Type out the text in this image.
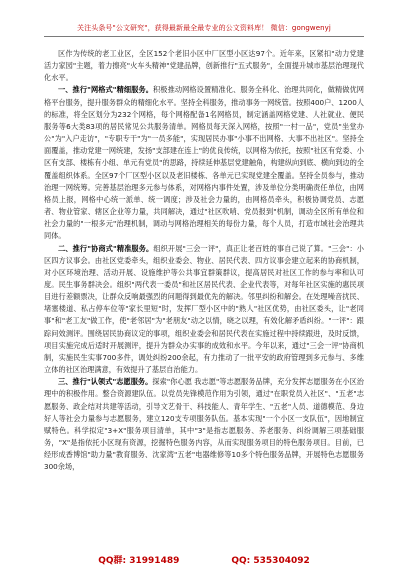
关注头条号"公文研究"，获得最新最全最专业的公文资料库！ 微信：gongwenyj

区作为传统的老工业区，全区152个老旧小区中厂区型小区达97个。近年来，区紧扣"动力党建 活力家园"主题，着力擦亮"火车头精神"党建品牌，创新推行"五式服务"，全面提升城市基层治理现代化水平。

一、推行"网格式"精细服务。积极推动网格设置精准化、服务全科化、治理共同化，做精做优网格平台服务，提升服务群众的精细化水平。坚持全科服务，推动事务一网统管。按照400户、1200人的标准，将全区划分为232个网格，每个网格配备1名网格员，制定涵盖网格党建、人社就业、便民服务等6大类83项的居民常见公共服务清单。网格员每天深入网格，按照"一村一品"，党员"坐堂办公"为"入户走访"，"专职专干"为"一员多能"，实现居民办事"小事不出网格、大事不出社区"。坚持全面覆盖，推动党建一网统建，发扬"支部建在连上"的优良传统，以网格为依托，按照"社区有党委、小区有支部、楼栋有小组、单元有党员"的思路，持续延伸基层党建触角，构建纵向到底、横向到边的全覆盖组织体系。全区97个厂区型小区以及老旧楼栋、各单元已实现党建全覆盖。坚持全员参与，推动治理一网统筹。完善基层治理多元参与体系，对网格内事件处置，涉及单位分类明确责任单位，由网格员上报，网格中心统一派单、统一调度；涉及社会力量的，由网格员牵头，积极协调党员、志愿者、物业管家、辖区企业等力量，共同解决，通过"社区吹哨、党员报到"机制，调动全区所有单位和社会力量的"一根多元"治理机制，调动与网格治理相关的每份力量，每个人员，打造市域社会治理共同体。

二、推行"协商式"精准服务。组织开展"三会一评"，真正让老百姓的事自己说了算。"三会"：小区四方议事会。由社区党委牵头，组织业委会、物业、居民代表、四方议事会建立起来的协商机制，对小区环境治理、活动开展、设施维护等公共事宜群策群议，提高居民对社区工作的参与率和认可度。民生事务群决会。组织"两代表一委员"和社区居民代表、企业代表等，对每年社区实施的惠民项目进行差额票决，让群众反响最强烈的问题得到最优先的解决。邻里纠纷和解会。在处理噪音扰民、堵塞楼道、私占停车位等"家长里短"时，发挥厂型小区中的"熟人"社区优势，由社区委头，让"老同事"和"老工友"做工作，使"老邻居"为"老朋友"动之以情，晓之以理，有效化解矛盾纠纷。"一评"：跟踪问效测评。围绕居民协商议定的事项，组织业委会和居民代表在实施过程中持续跟进，及时反馈，项目实施完成后适时开展测评，提升为群众办实事的成效和水平。今年以来，通过"三会一评"协商机制，实施民生实事700多件，调处纠纷200余起，有力推动了一批平安的政府管理到多元参与、多维立体的社区治理满意，有效提升了基层自治能力。

三、推行"认领式"志愿服务。探索"你心愿 我志愿"等志愿服务品牌，充分发挥志愿服务在小区治理中的积极作用。整合资源建队伍。以党员先锋模范作用为引领，通过"在职党员入社区"、"五老"志愿服务、政企结对共建等活动，引导文艺骨干、科技能人、青年学生、"五老"人员、道德模范、身边好人等社会力量参与志愿服务，建立120支专项服务队伍。基本实现"一个小区一支队伍"，因地制宜赋特色。科学拟定"3+X"服务项目清单，其中"3"是指志愿服务、养老服务、纠纷调解三项基础服务，"X"是指依托小区现有资源，挖掘特色服务内容，从而实现服务项目的特色服务项目。目前，已经形成香博馆"助力量"教育服务、沈家湾"五老"电器维修等10多个特色服务品牌，开展特色志愿服务300余场，

QQ群: 31991489	QQ: 535304092
